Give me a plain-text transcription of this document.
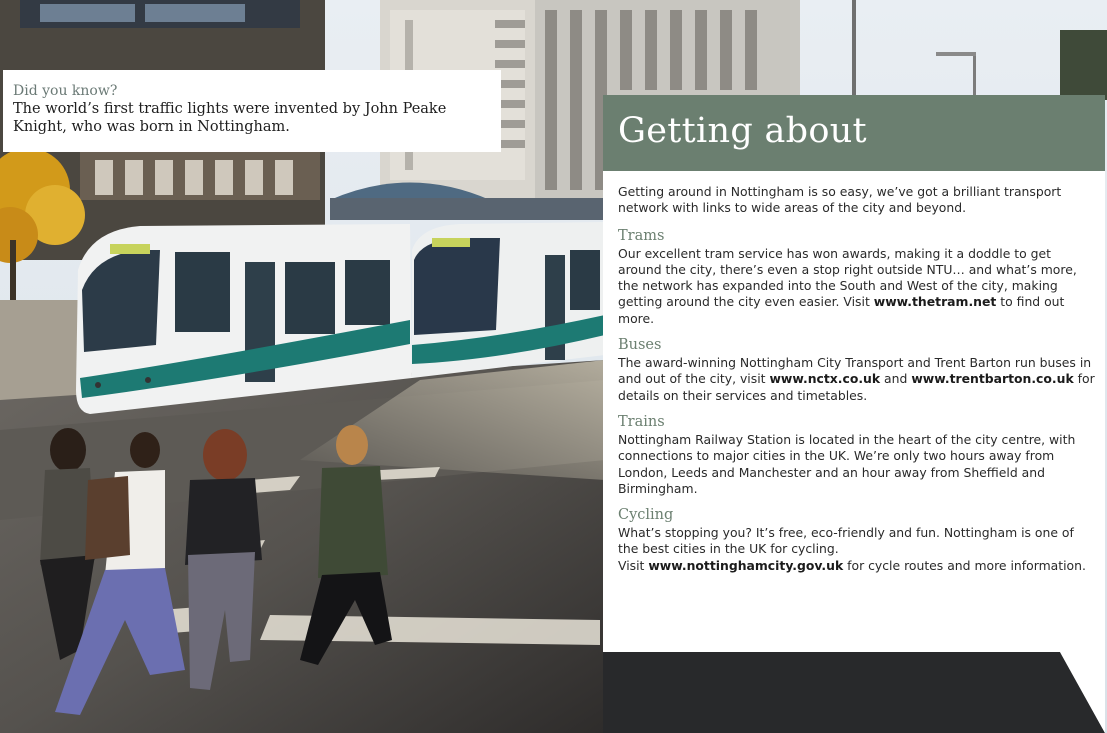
Did you know?
The world’s first traffic lights were invented by John Peake
Knight, who was born in Nottingham.	Getting about

Getting around in Nottingham is so easy, we’ve got a brilliant transport network with links to wide areas of the city and beyond.

Trams

Our excellent tram service has won awards, making it a doddle to get around the city, there’s even a stop right outside NTU… and what’s more, the network has expanded into the South and West of the city, making getting around the city even easier. Visit www.thetram.net to find out more.

Buses

The award-winning Nottingham City Transport and Trent Barton run buses in and out of the city, visit www.nctx.co.uk and www.trentbarton.co.uk for details on their services and timetables.

Trains

Nottingham Railway Station is located in the heart of the city centre, with connections to major cities in the UK. We’re only two hours away from London, Leeds and Manchester and an hour away from Sheffield and Birmingham.

Cycling

What’s stopping you? It’s free, eco-friendly and fun. Nottingham is one of the best cities in the UK for cycling.
Visit www.nottinghamcity.gov.uk for cycle routes and more information.
